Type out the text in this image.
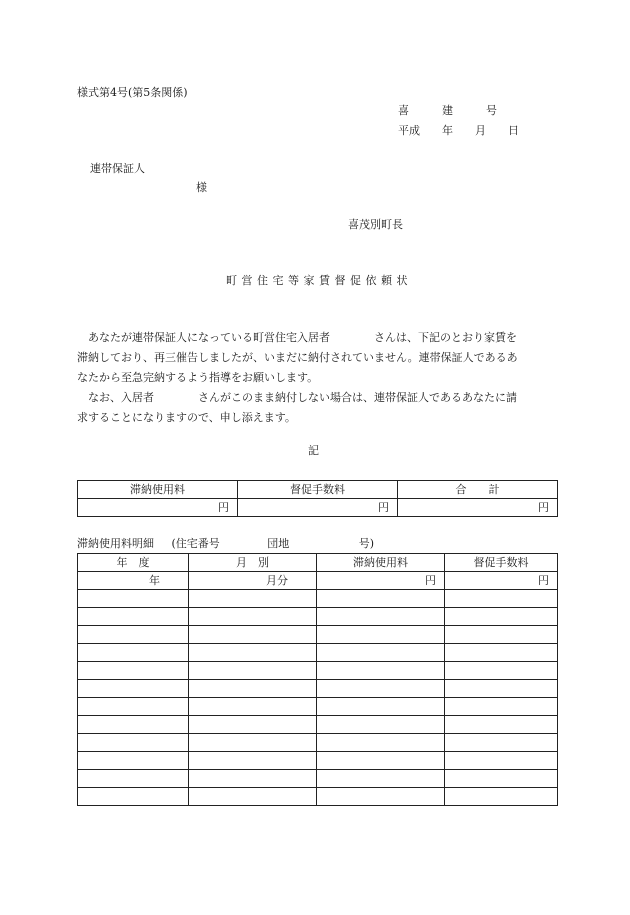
様式第4号(第5条関係)
喜　　　建　　　号
平成　　年　　月　　日
連帯保証人
様
喜茂別町長
町営住宅等家賃督促依頼状

あなたが連帯保証人になっている町営住宅入居者　　　　さんは、下記のとおり家賃を

滞納しており、再三催告しましたが、いまだに納付されていません。連帯保証人であるあ

なたから至急完納するよう指導をお願いします。

なお、入居者　　　　さんがこのまま納付しない場合は、連帯保証人であるあなたに請

求することになりますので、申し添えます。

記
滞納使用料	督促手数料	合　　計
円	円	円
滞納使用料明細 (住宅番号	団地	号)
年　度	月　別	滞納使用料	督促手数料
年	月分	円	円
